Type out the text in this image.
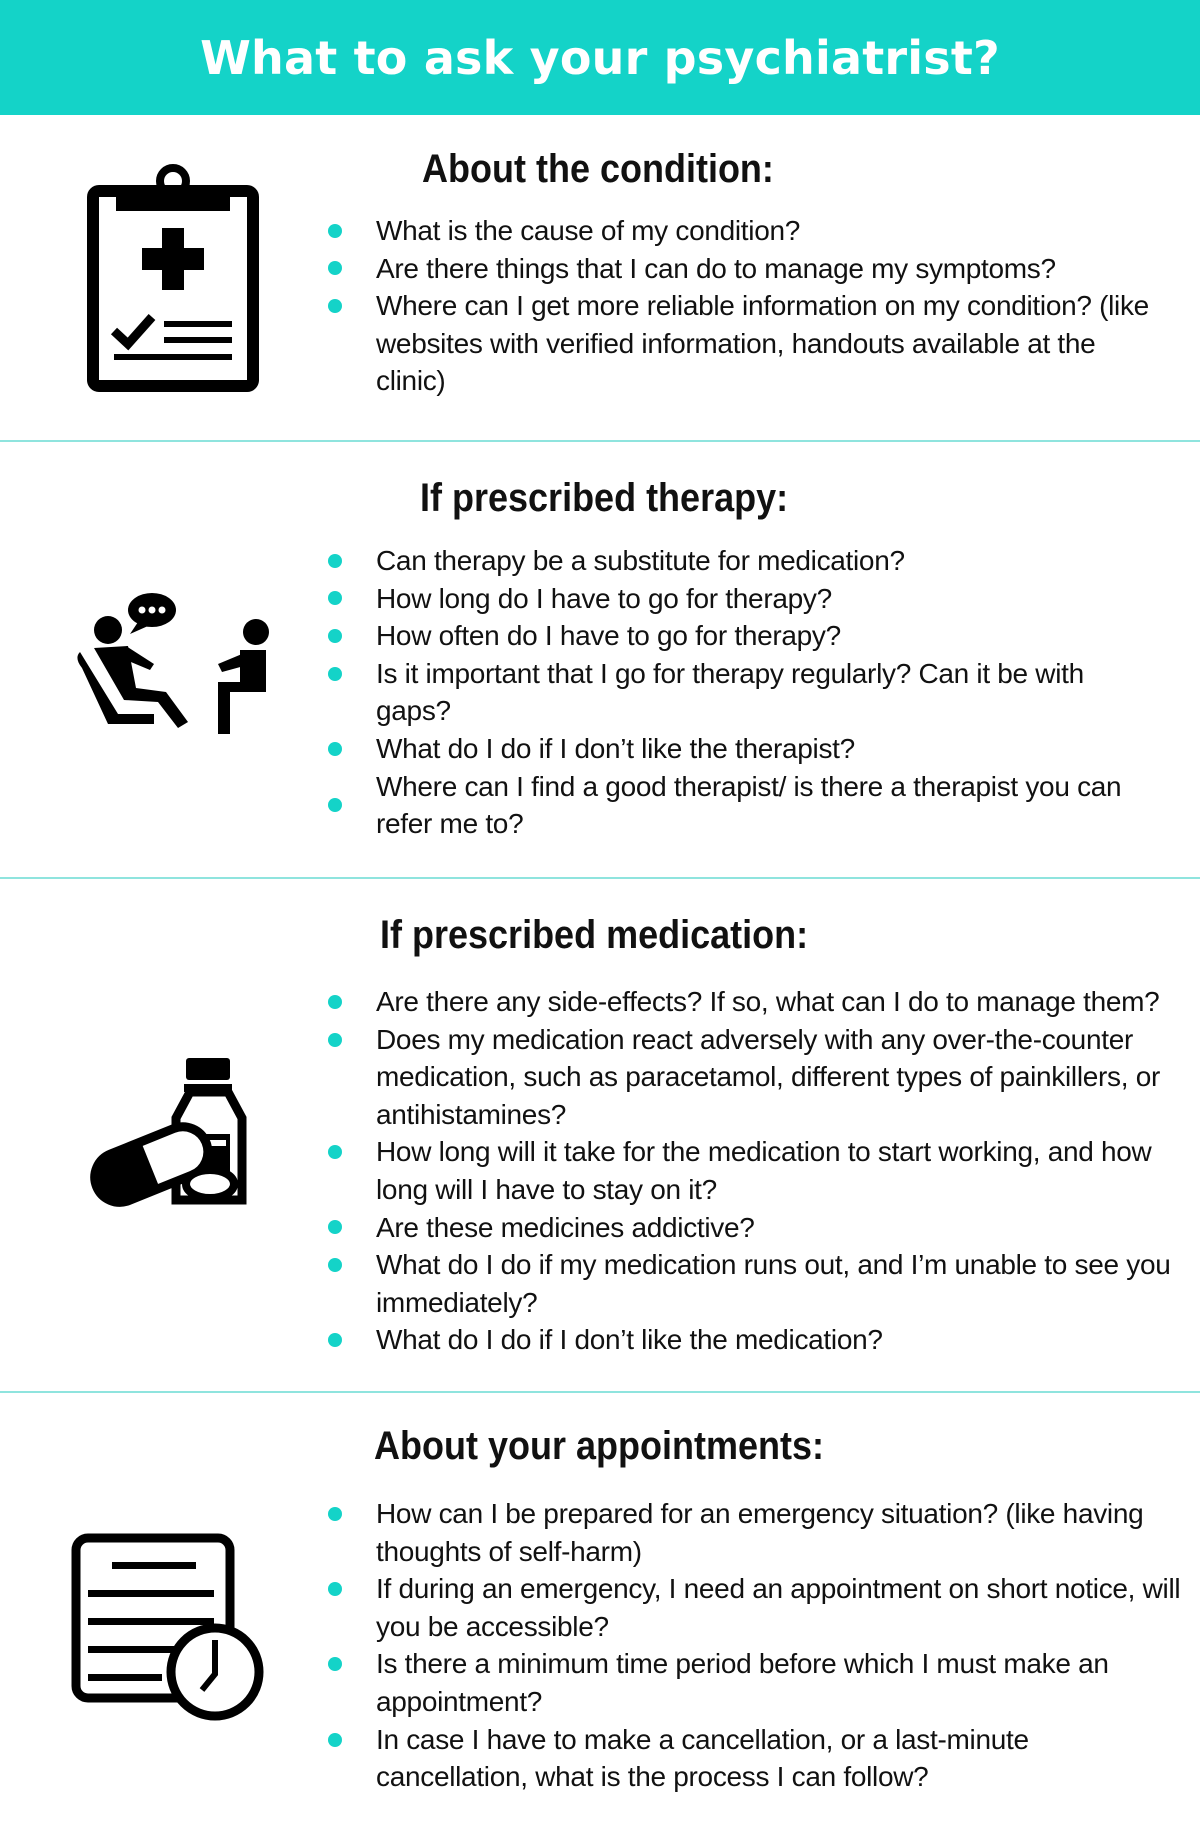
What to ask your psychiatrist?
About the condition:
What is the cause of my condition?
Are there things that I can do to manage my symptoms?
Where can I get more reliable information on my condition? (like websites with verified information, handouts available at the clinic)
If prescribed therapy:
Can therapy be a substitute for medication?
How long do I have to go for therapy?
How often do I have to go for therapy?
Is it important that I go for therapy regularly? Can it be with gaps?
What do I do if I don’t like the therapist?
Where can I find a good therapist/ is there a therapist you can refer me to?
If prescribed medication:
Are there any side-effects? If so, what can I do to manage them?
Does my medication react adversely with any over-the-counter medication, such as paracetamol, different types of painkillers, or antihistamines?
How long will it take for the medication to start working, and how long will I have to stay on it?
Are these medicines addictive?
What do I do if my medication runs out, and I’m unable to see you immediately?
What do I do if I don’t like the medication?
About your appointments:
How can I be prepared for an emergency situation? (like having thoughts of self-harm)
If during an emergency, I need an appointment on short notice, will you be accessible?
Is there a minimum time period before which I must make an appointment?
In case I have to make a cancellation, or a last-minute cancellation, what is the process I can follow?
